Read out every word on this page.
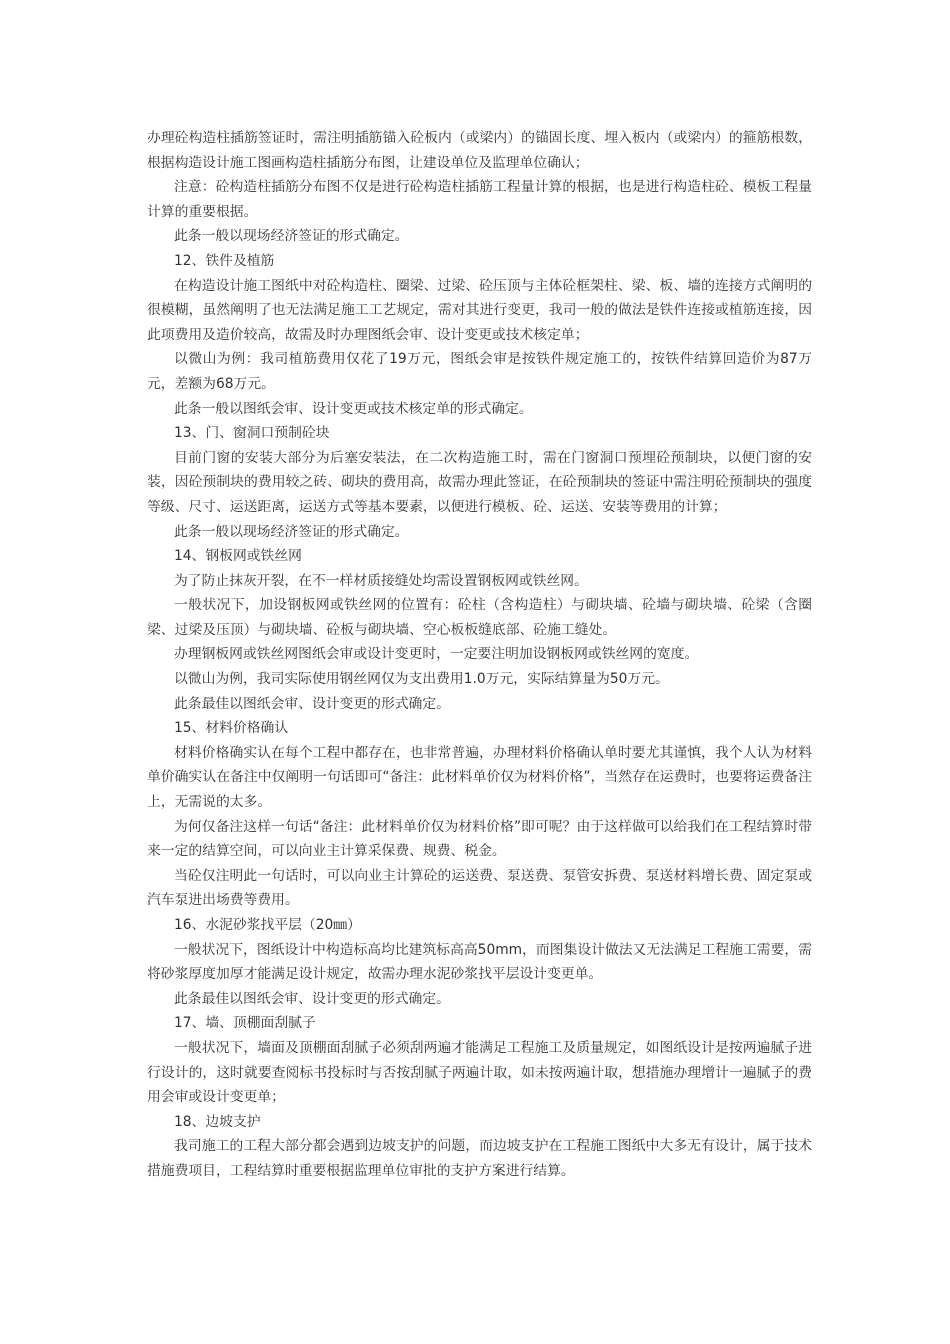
办理砼构造柱插筋签证时，需注明插筋锚入砼板内（或梁内）的锚固长度、埋入板内（或梁内）的箍筋根数，根据构造设计施工图画构造柱插筋分布图，让建设单位及监理单位确认；

注意：砼构造柱插筋分布图不仅是进行砼构造柱插筋工程量计算的根据，也是进行构造柱砼、模板工程量计算的重要根据。

此条一般以现场经济签证的形式确定。

12、铁件及植筋

在构造设计施工图纸中对砼构造柱、圈梁、过梁、砼压顶与主体砼框架柱、梁、板、墙的连接方式阐明的很模糊，虽然阐明了也无法满足施工工艺规定，需对其进行变更，我司一般的做法是铁件连接或植筋连接，因此项费用及造价较高，故需及时办理图纸会审、设计变更或技术核定单；

以微山为例：我司植筋费用仅花了19万元，图纸会审是按铁件规定施工的，按铁件结算回造价为87万元，差额为68万元。

此条一般以图纸会审、设计变更或技术核定单的形式确定。

13、门、窗洞口预制砼块

目前门窗的安装大部分为后塞安装法，在二次构造施工时，需在门窗洞口预埋砼预制块，以便门窗的安装，因砼预制块的费用较之砖、砌块的费用高，故需办理此签证，在砼预制块的签证中需注明砼预制块的强度等级、尺寸、运送距离，运送方式等基本要素，以便进行模板、砼、运送、安装等费用的计算；

此条一般以现场经济签证的形式确定。

14、钢板网或铁丝网

为了防止抹灰开裂，在不一样材质接缝处均需设置钢板网或铁丝网。

一般状况下，加设钢板网或铁丝网的位置有：砼柱（含构造柱）与砌块墙、砼墙与砌块墙、砼梁（含圈梁、过梁及压顶）与砌块墙、砼板与砌块墙、空心板板缝底部、砼施工缝处。

办理钢板网或铁丝网图纸会审或设计变更时，一定要注明加设钢板网或铁丝网的宽度。

以微山为例，我司实际使用钢丝网仅为支出费用1.0万元，实际结算量为50万元。

此条最佳以图纸会审、设计变更的形式确定。

15、材料价格确认

材料价格确实认在每个工程中都存在，也非常普遍，办理材料价格确认单时要尤其谨慎，我个人认为材料单价确实认在备注中仅阐明一句话即可“备注：此材料单价仅为材料价格”，当然存在运费时，也要将运费备注上，无需说的太多。

为何仅备注这样一句话“备注：此材料单价仅为材料价格”即可呢？由于这样做可以给我们在工程结算时带来一定的结算空间，可以向业主计算采保费、规费、税金。

当砼仅注明此一句话时，可以向业主计算砼的运送费、泵送费、泵管安拆费、泵送材料增长费、固定泵或汽车泵进出场费等费用。

16、水泥砂浆找平层（20㎜）

一般状况下，图纸设计中构造标高均比建筑标高高50mm，而图集设计做法又无法满足工程施工需要，需将砂浆厚度加厚才能满足设计规定，故需办理水泥砂浆找平层设计变更单。

此条最佳以图纸会审、设计变更的形式确定。

17、墙、顶棚面刮腻子

一般状况下，墙面及顶棚面刮腻子必须刮两遍才能满足工程施工及质量规定，如图纸设计是按两遍腻子进行设计的，这时就要查阅标书投标时与否按刮腻子两遍计取，如未按两遍计取，想措施办理增计一遍腻子的费用会审或设计变更单；

18、边坡支护

我司施工的工程大部分都会遇到边坡支护的问题，而边坡支护在工程施工图纸中大多无有设计，属于技术措施费项目，工程结算时重要根据监理单位审批的支护方案进行结算。
